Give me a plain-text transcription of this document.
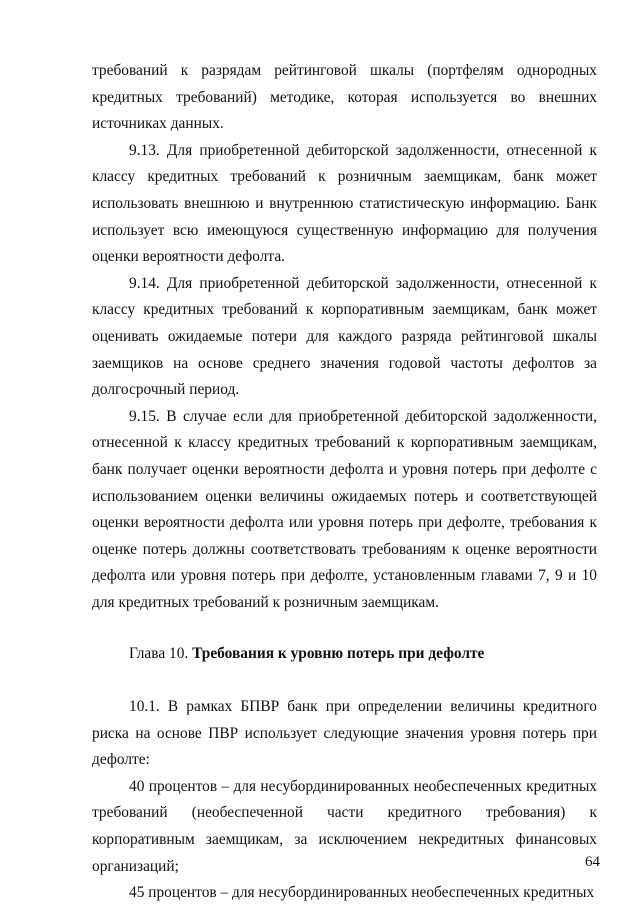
требований к разрядам рейтинговой шкалы (портфелям однородных кредитных требований) методике, которая используется во внешних источниках данных.

9.13. Для приобретенной дебиторской задолженности, отнесенной к классу кредитных требований к розничным заемщикам, банк может использовать внешнюю и внутреннюю статистическую информацию. Банк использует всю имеющуюся существенную информацию для получения оценки вероятности дефолта.

9.14. Для приобретенной дебиторской задолженности, отнесенной к классу кредитных требований к корпоративным заемщикам, банк может оценивать ожидаемые потери для каждого разряда рейтинговой шкалы заемщиков на основе среднего значения годовой частоты дефолтов за долгосрочный период.

9.15. В случае если для приобретенной дебиторской задолженности, отнесенной к классу кредитных требований к корпоративным заемщикам, банк получает оценки вероятности дефолта и уровня потерь при дефолте с использованием оценки величины ожидаемых потерь и соответствующей оценки вероятности дефолта или уровня потерь при дефолте, требования к оценке потерь должны соответствовать требованиям к оценке вероятности дефолта или уровня потерь при дефолте, установленным главами 7, 9 и 10 для кредитных требований к розничным заемщикам.

Глава 10. Требования к уровню потерь при дефолте

10.1. В рамках БПВР банк при определении величины кредитного риска на основе ПВР использует следующие значения уровня потерь при дефолте:

40 процентов – для несубординированных необеспеченных кредитных требований (необеспеченной части кредитного требования) к корпоративным заемщикам, за исключением некредитных финансовых организаций;

45 процентов – для несубординированных необеспеченных кредитных

64
